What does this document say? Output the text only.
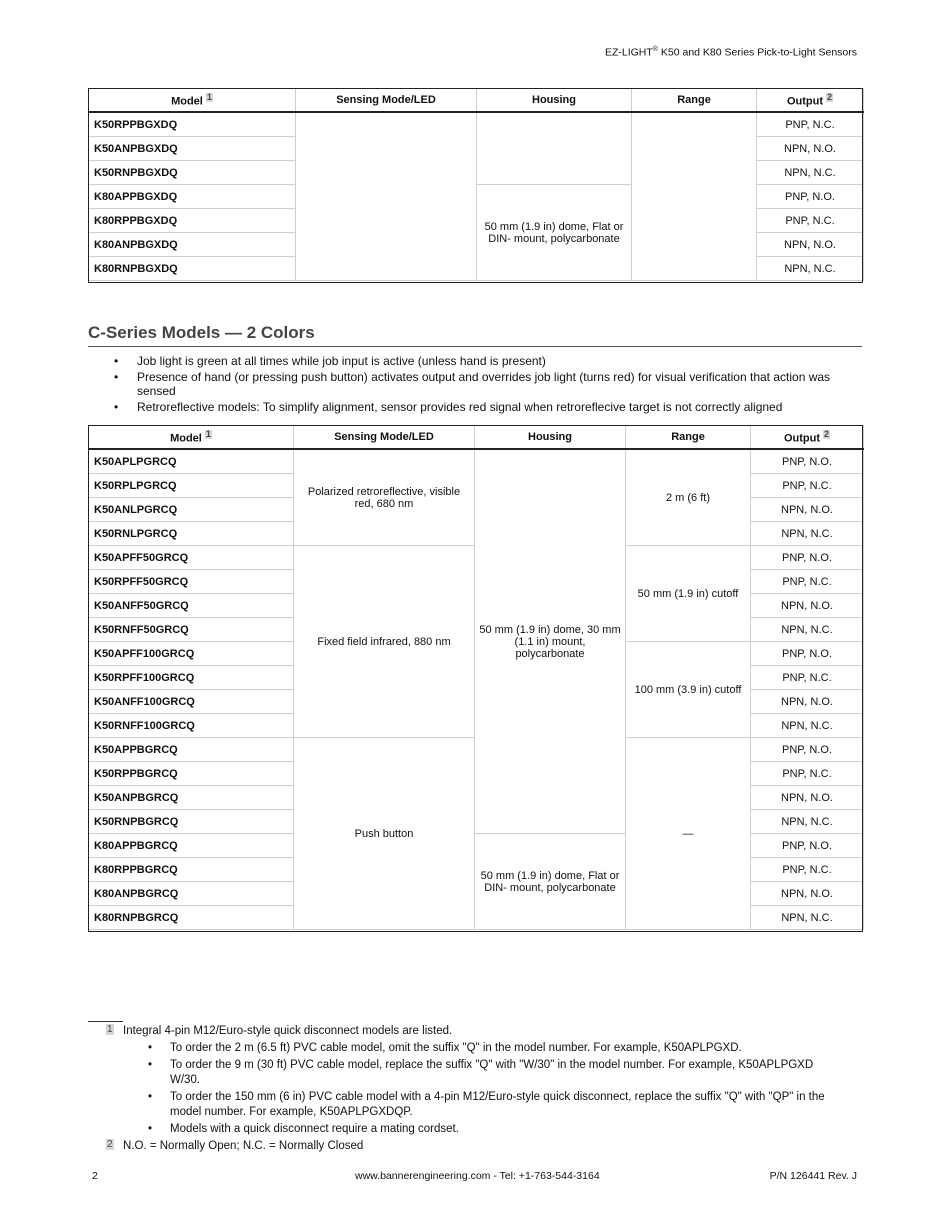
EZ-LIGHT® K50 and K80 Series Pick-to-Light Sensors
Model 1	Sensing Mode/LED	Housing	Range	Output 2
K50RPPBGXDQ				PNP, N.C.
K50ANPBGXDQ				NPN, N.O.
K50RNPBGXDQ				NPN, N.C.
K80APPBGXDQ		50 mm (1.9 in) dome, Flat or DIN- mount, polycarbonate		PNP, N.O.
K80RPPBGXDQ				PNP, N.C.
K80ANPBGXDQ				NPN, N.O.
K80RNPBGXDQ				NPN, N.C.
C-Series Models — 2 Colors
• Job light is green at all times while job input is active (unless hand is present)
• Presence of hand (or pressing push button) activates output and overrides job light (turns red) for visual verification that action was sensed
• Retroreflective models: To simplify alignment, sensor provides red signal when retroreflecive target is not correctly aligned
Model 1	Sensing Mode/LED	Housing	Range	Output 2
K50APLPGRCQ	Polarized retroreflective, visible red, 680 nm	50 mm (1.9 in) dome, 30 mm (1.1 in) mount, polycarbonate	2 m (6 ft)	PNP, N.O.
K50RPLPGRCQ				PNP, N.C.
K50ANLPGRCQ				NPN, N.O.
K50RNLPGRCQ				NPN, N.C.
K50APFF50GRCQ	Fixed field infrared, 880 nm		50 mm (1.9 in) cutoff	PNP, N.O.
K50RPFF50GRCQ				PNP, N.C.
K50ANFF50GRCQ				NPN, N.O.
K50RNFF50GRCQ				NPN, N.C.
K50APFF100GRCQ			100 mm (3.9 in) cutoff	PNP, N.O.
K50RPFF100GRCQ				PNP, N.C.
K50ANFF100GRCQ				NPN, N.O.
K50RNFF100GRCQ				NPN, N.C.
K50APPBGRCQ	Push button		—	PNP, N.O.
K50RPPBGRCQ				PNP, N.C.
K50ANPBGRCQ				NPN, N.O.
K50RNPBGRCQ				NPN, N.C.
K80APPBGRCQ		50 mm (1.9 in) dome, Flat or DIN- mount, polycarbonate		PNP, N.O.
K80RPPBGRCQ				PNP, N.C.
K80ANPBGRCQ				NPN, N.O.
K80RNPBGRCQ				NPN, N.C.
1 Integral 4-pin M12/Euro-style quick disconnect models are listed.
• To order the 2 m (6.5 ft) PVC cable model, omit the suffix "Q" in the model number. For example, K50APLPGXD.
• To order the 9 m (30 ft) PVC cable model, replace the suffix "Q" with "W/30" in the model number. For example, K50APLPGXD W/30.
• To order the 150 mm (6 in) PVC cable model with a 4-pin M12/Euro-style quick disconnect, replace the suffix "Q" with "QP" in the model number. For example, K50APLPGXDQP.
• Models with a quick disconnect require a mating cordset.
2 N.O. = Normally Open; N.C. = Normally Closed
2	www.bannerengineering.com - Tel: +1-763-544-3164	P/N 126441 Rev. J
